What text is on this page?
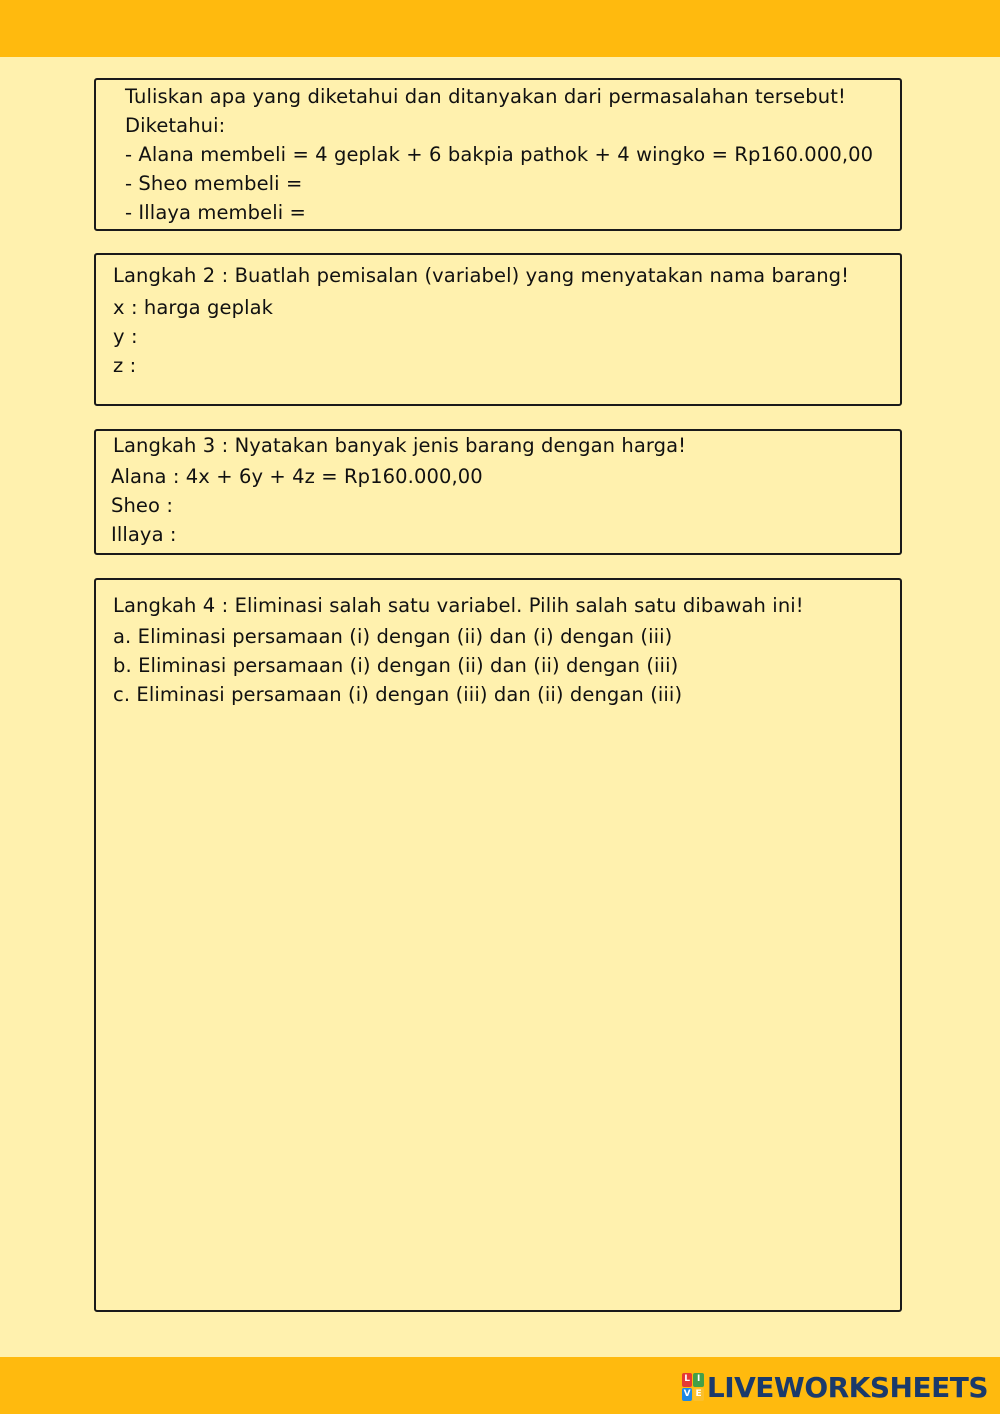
Tuliskan apa yang diketahui dan ditanyakan dari permasalahan tersebut!
Diketahui:
- Alana membeli = 4 geplak + 6 bakpia pathok + 4 wingko = Rp160.000,00
- Sheo membeli =
- Illaya membeli =
Langkah 2 : Buatlah pemisalan (variabel) yang menyatakan nama barang!
x : harga geplak
y :
z :
Langkah 3 : Nyatakan banyak jenis barang dengan harga!
Alana : 4x + 6y + 4z = Rp160.000,00
Sheo :
Illaya :
Langkah 4 : Eliminasi salah satu variabel. Pilih salah satu dibawah ini!
a. Eliminasi persamaan (i) dengan (ii) dan (i) dengan (iii)
b. Eliminasi persamaan (i) dengan (ii) dan (ii) dengan (iii)
c. Eliminasi persamaan (i) dengan (iii) dan (ii) dengan (iii)
L I
V E LIVEWORKSHEETS
